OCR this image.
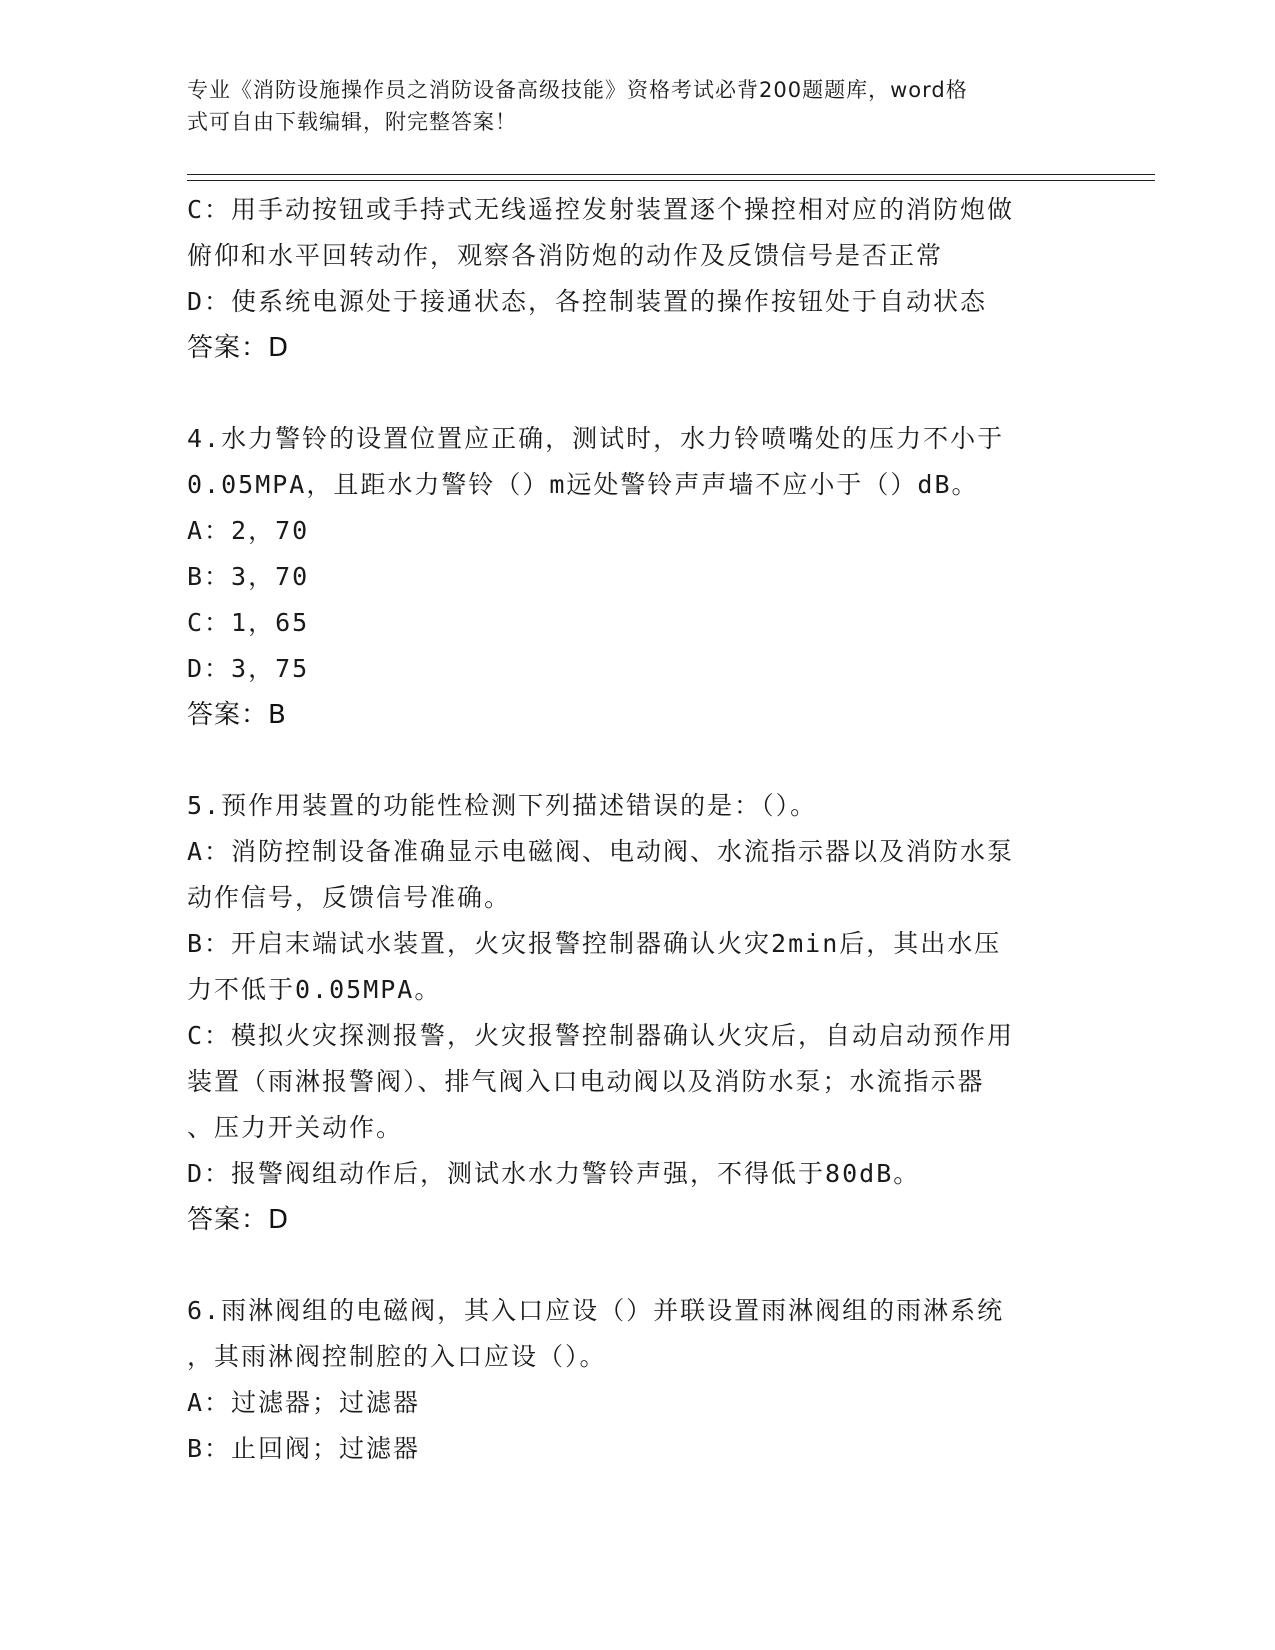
专业《消防设施操作员之消防设备高级技能》资格考试必背200题题库，word格
式可自由下载编辑，附完整答案！
C：用手动按钮或手持式无线遥控发射装置逐个操控相对应的消防炮做
俯仰和水平回转动作，观察各消防炮的动作及反馈信号是否正常
D：使系统电源处于接通状态，各控制装置的操作按钮处于自动状态
答案：D
4.水力警铃的设置位置应正确，测试时，水力铃喷嘴处的压力不小于
0.05MPA，且距水力警铃（）m远处警铃声声墙不应小于（）dB。
A：2，70
B：3，70
C：1，65
D：3，75
答案：B
5.预作用装置的功能性检测下列描述错误的是：（）。
A：消防控制设备准确显示电磁阀、电动阀、水流指示器以及消防水泵
动作信号，反馈信号准确。
B：开启末端试水装置，火灾报警控制器确认火灾2min后，其出水压
力不低于0.05MPA。
C：模拟火灾探测报警，火灾报警控制器确认火灾后，自动启动预作用
装置（雨淋报警阀）、排气阀入口电动阀以及消防水泵；水流指示器
、压力开关动作。
D：报警阀组动作后，测试水水力警铃声强，不得低于80dB。
答案：D
6.雨淋阀组的电磁阀，其入口应设（）并联设置雨淋阀组的雨淋系统
，其雨淋阀控制腔的入口应设（）。
A：过滤器；过滤器
B：止回阀；过滤器
